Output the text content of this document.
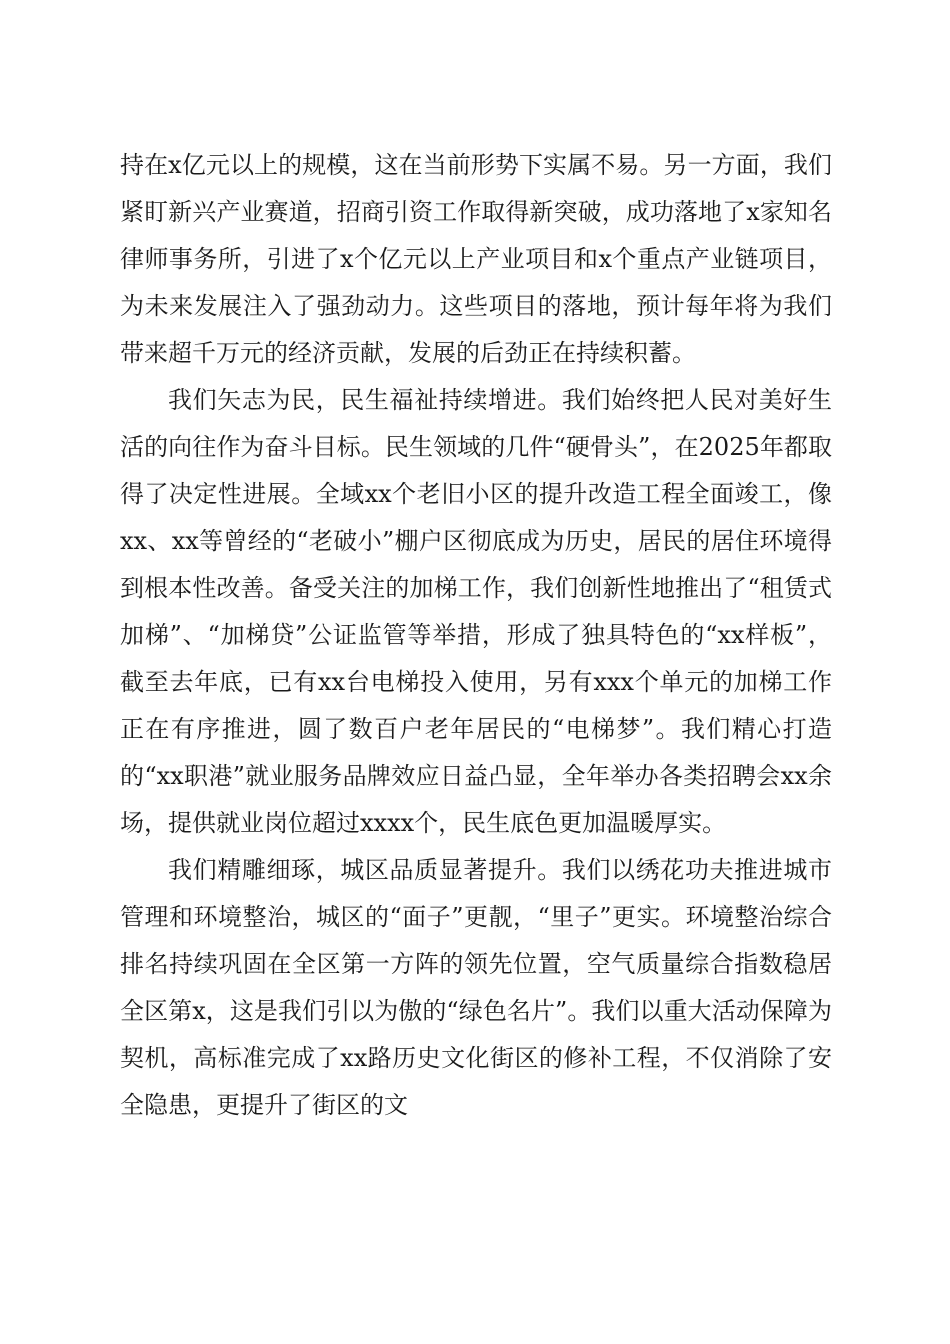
持在x亿元以上的规模，这在当前形势下实属不易。另一方面，我们紧盯新兴产业赛道，招商引资工作取得新突破，成功落地了x家知名律师事务所，引进了x个亿元以上产业项目和x个重点产业链项目，为未来发展注入了强劲动力。这些项目的落地，预计每年将为我们带来超千万元的经济贡献，发展的后劲正在持续积蓄。

我们矢志为民，民生福祉持续增进。我们始终把人民对美好生活的向往作为奋斗目标。民生领域的几件“硬骨头”，在2025年都取得了决定性进展。全域xx个老旧小区的提升改造工程全面竣工，像xx、xx等曾经的“老破小”棚户区彻底成为历史，居民的居住环境得到根本性改善。备受关注的加梯工作，我们创新性地推出了“租赁式加梯”、“加梯贷”公证监管等举措，形成了独具特色的“xx样板”，截至去年底，已有xx台电梯投入使用，另有xxx个单元的加梯工作正在有序推进，圆了数百户老年居民的“电梯梦”。我们精心打造的“xx职港”就业服务品牌效应日益凸显，全年举办各类招聘会xx余场，提供就业岗位超过xxxx个，民生底色更加温暖厚实。

我们精雕细琢，城区品质显著提升。我们以绣花功夫推进城市管理和环境整治，城区的“面子”更靓，“里子”更实。环境整治综合排名持续巩固在全区第一方阵的领先位置，空气质量综合指数稳居全区第x，这是我们引以为傲的“绿色名片”。我们以重大活动保障为契机，高标准完成了xx路历史文化街区的修补工程，不仅消除了安全隐患，更提升了街区的文
